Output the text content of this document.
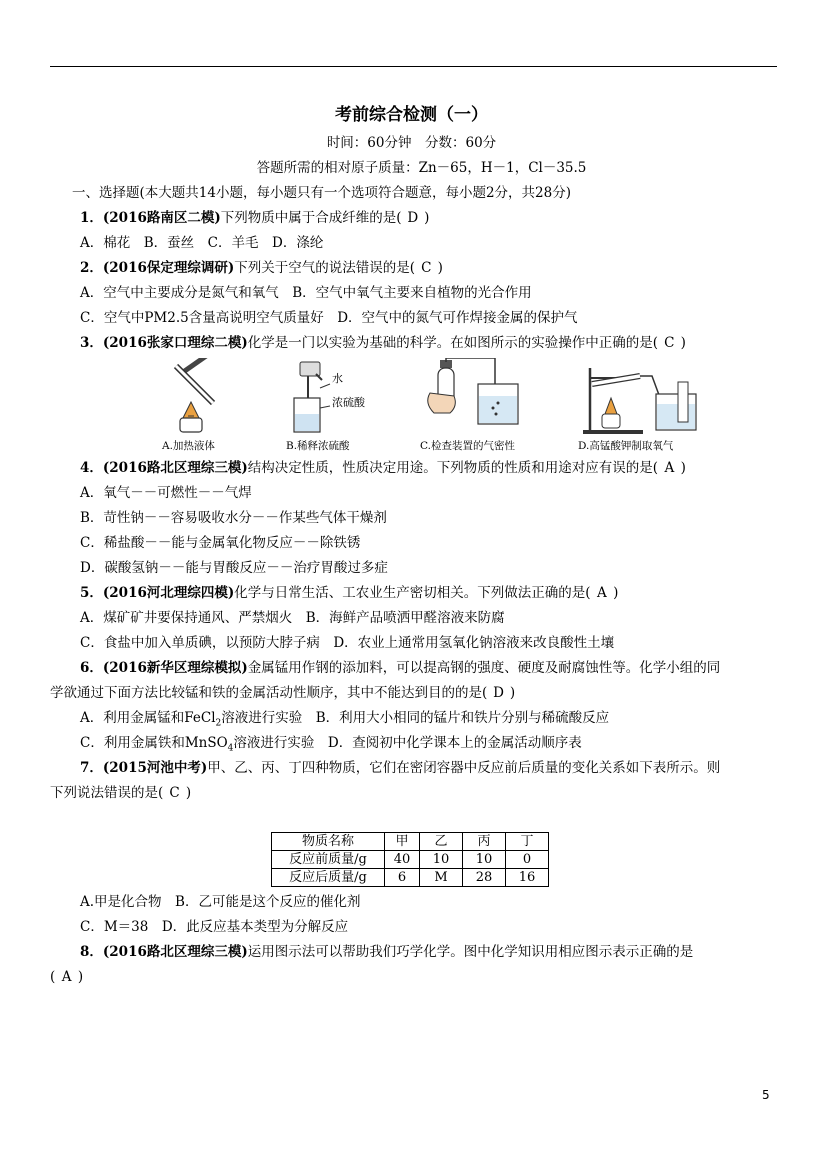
考前综合检测（一）
时间：60分钟　分数：60分
答题所需的相对原子质量：Zn－65，H－1，Cl－35.5
一、选择题(本大题共14小题，每小题只有一个选项符合题意，每小题2分，共28分)
1．(2016路南区二模)下列物质中属于合成纤维的是( D )
A．棉花　B．蚕丝　C．羊毛　D．涤纶
2．(2016保定理综调研)下列关于空气的说法错误的是( C )
A．空气中主要成分是氮气和氧气　B．空气中氧气主要来自植物的光合作用
C．空气中PM2.5含量高说明空气质量好　D．空气中的氮气可作焊接金属的保护气
3．(2016张家口理综二模)化学是一门以实验为基础的科学。在如图所示的实验操作中正确的是( C )
A.加热液体
水
浓硫酸
B.稀释浓硫酸	C.检查装置的气密性	D.高锰酸钾制取氧气
4．(2016路北区理综三模)结构决定性质，性质决定用途。下列物质的性质和用途对应有误的是( A )
A．氧气－－可燃性－－气焊
B．苛性钠－－容易吸收水分－－作某些气体干燥剂
C．稀盐酸－－能与金属氧化物反应－－除铁锈
D．碳酸氢钠－－能与胃酸反应－－治疗胃酸过多症
5．(2016河北理综四模)化学与日常生活、工农业生产密切相关。下列做法正确的是( A )
A．煤矿矿井要保持通风、严禁烟火　B．海鲜产品喷洒甲醛溶液来防腐
C．食盐中加入单质碘，以预防大脖子病　D．农业上通常用氢氧化钠溶液来改良酸性土壤
6．(2016新华区理综模拟)金属锰用作钢的添加料，可以提高钢的强度、硬度及耐腐蚀性等。化学小组的同
学欲通过下面方法比较锰和铁的金属活动性顺序，其中不能达到目的的是( D )
A．利用金属锰和FeCl$_2$溶液进行实验　B．利用大小相同的锰片和铁片分别与稀硫酸反应
C．利用金属铁和MnSO$_4$溶液进行实验　D．查阅初中化学课本上的金属活动顺序表
7．(2015河池中考)甲、乙、丙、丁四种物质，它们在密闭容器中反应前后质量的变化关系如下表所示。则
下列说法错误的是( C )
物质名称	甲	乙	丙	丁
反应前质量/g	40	10	10	0
反应后质量/g	6	M	28	16
A.甲是化合物　B．乙可能是这个反应的催化剂
C．M＝38　D．此反应基本类型为分解反应
8．(2016路北区理综三模)运用图示法可以帮助我们巧学化学。图中化学知识用相应图示表示正确的是
( A )
5
